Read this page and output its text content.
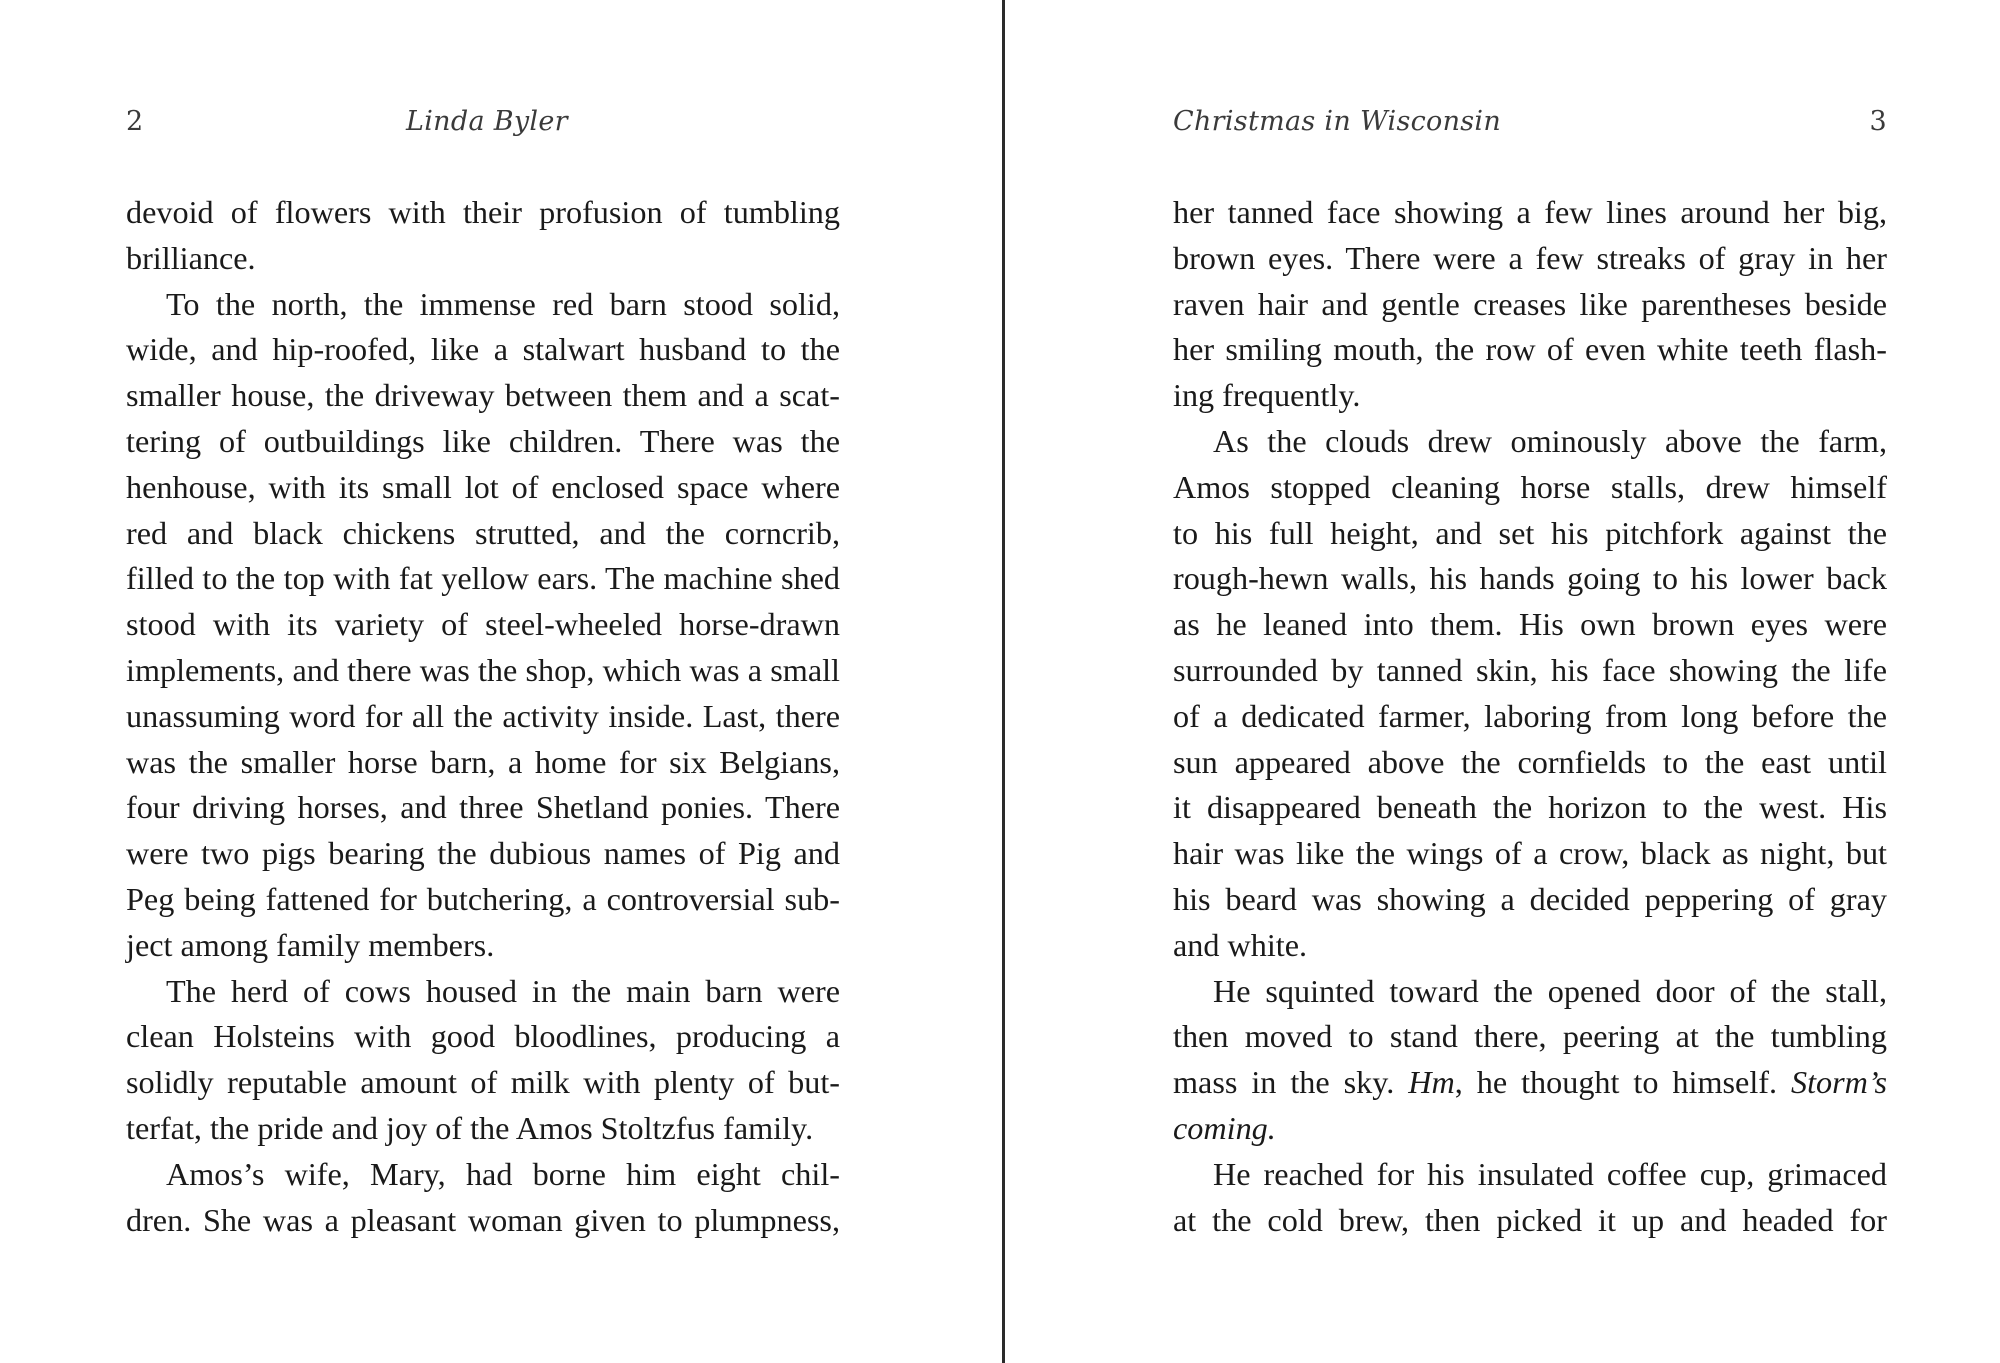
2	Linda Byler
devoid of flowers with their profusion of tumbling
brilliance.
To the north, the immense red barn stood solid,
wide, and hip-roofed, like a stalwart husband to the
smaller house, the driveway between them and a scat-
tering of outbuildings like children. There was the
henhouse, with its small lot of enclosed space where
red and black chickens strutted, and the corncrib,
filled to the top with fat yellow ears. The machine shed
stood with its variety of steel-wheeled horse-drawn
implements, and there was the shop, which was a small
unassuming word for all the activity inside. Last, there
was the smaller horse barn, a home for six Belgians,
four driving horses, and three Shetland ponies. There
were two pigs bearing the dubious names of Pig and
Peg being fattened for butchering, a controversial sub-
ject among family members.
The herd of cows housed in the main barn were
clean Holsteins with good bloodlines, producing a
solidly reputable amount of milk with plenty of but-
terfat, the pride and joy of the Amos Stoltzfus family.
Amos’s wife, Mary, had borne him eight chil-
dren. She was a pleasant woman given to plumpness,
Christmas in Wisconsin	3
her tanned face showing a few lines around her big,
brown eyes. There were a few streaks of gray in her
raven hair and gentle creases like parentheses beside
her smiling mouth, the row of even white teeth flash-
ing frequently.
As the clouds drew ominously above the farm,
Amos stopped cleaning horse stalls, drew himself
to his full height, and set his pitchfork against the
rough-hewn walls, his hands going to his lower back
as he leaned into them. His own brown eyes were
surrounded by tanned skin, his face showing the life
of a dedicated farmer, laboring from long before the
sun appeared above the cornfields to the east until
it disappeared beneath the horizon to the west. His
hair was like the wings of a crow, black as night, but
his beard was showing a decided peppering of gray
and white.
He squinted toward the opened door of the stall,
then moved to stand there, peering at the tumbling
mass in the sky. Hm, he thought to himself. Storm’s
coming.
He reached for his insulated coffee cup, grimaced
at the cold brew, then picked it up and headed for
